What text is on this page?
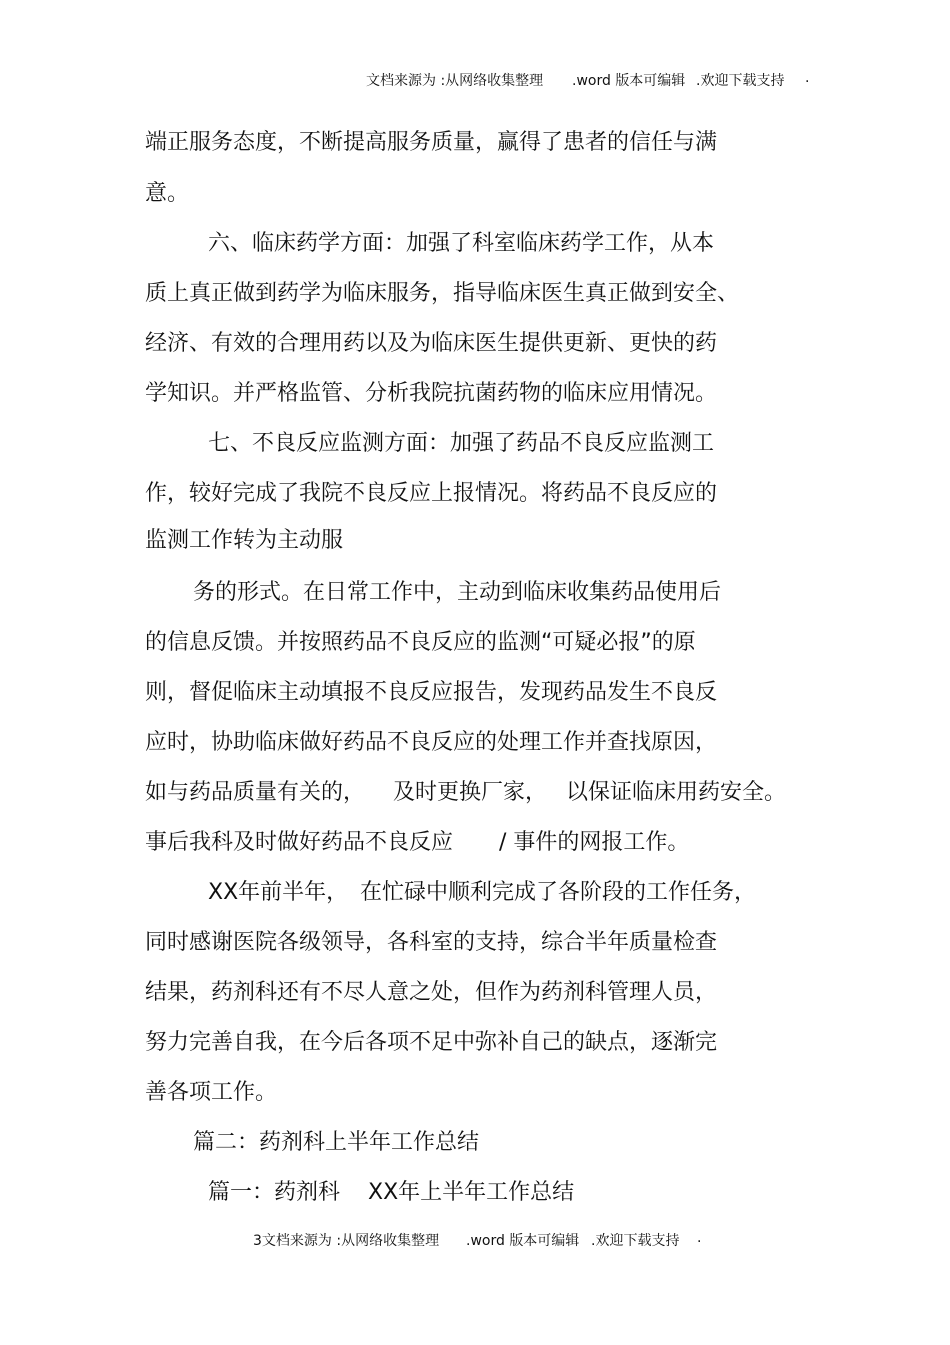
文档来源为 :从网络收集整理 .word 版本可编辑 .欢迎下载支持 .
端正服务态度，不断提高服务质量，赢得了患者的信任与满
意。
六、临床药学方面：加强了科室临床药学工作，从本
质上真正做到药学为临床服务，指导临床医生真正做到安全、
经济、有效的合理用药以及为临床医生提供更新、更快的药
学知识。并严格监管、分析我院抗菌药物的临床应用情况。
七、不良反应监测方面：加强了药品不良反应监测工
作，较好完成了我院不良反应上报情况。将药品不良反应的
监测工作转为主动服
务的形式。在日常工作中，主动到临床收集药品使用后
的信息反馈。并按照药品不良反应的监测“可疑必报”的原
则，督促临床主动填报不良反应报告，发现药品发生不良反
应时，协助临床做好药品不良反应的处理工作并查找原因，
如与药品质量有关的， 及时更换厂家， 以保证临床用药安全。
事后我科及时做好药品不良反应 / 事件的网报工作。
XX年前半年， 在忙碌中顺利完成了各阶段的工作任务，
同时感谢医院各级领导，各科室的支持，综合半年质量检查
结果，药剂科还有不尽人意之处，但作为药剂科管理人员，
努力完善自我，在今后各项不足中弥补自己的缺点，逐渐完
善各项工作。
篇二：药剂科上半年工作总结
篇一：药剂科 XX年上半年工作总结
3文档来源为 :从网络收集整理 .word 版本可编辑 .欢迎下载支持 .
